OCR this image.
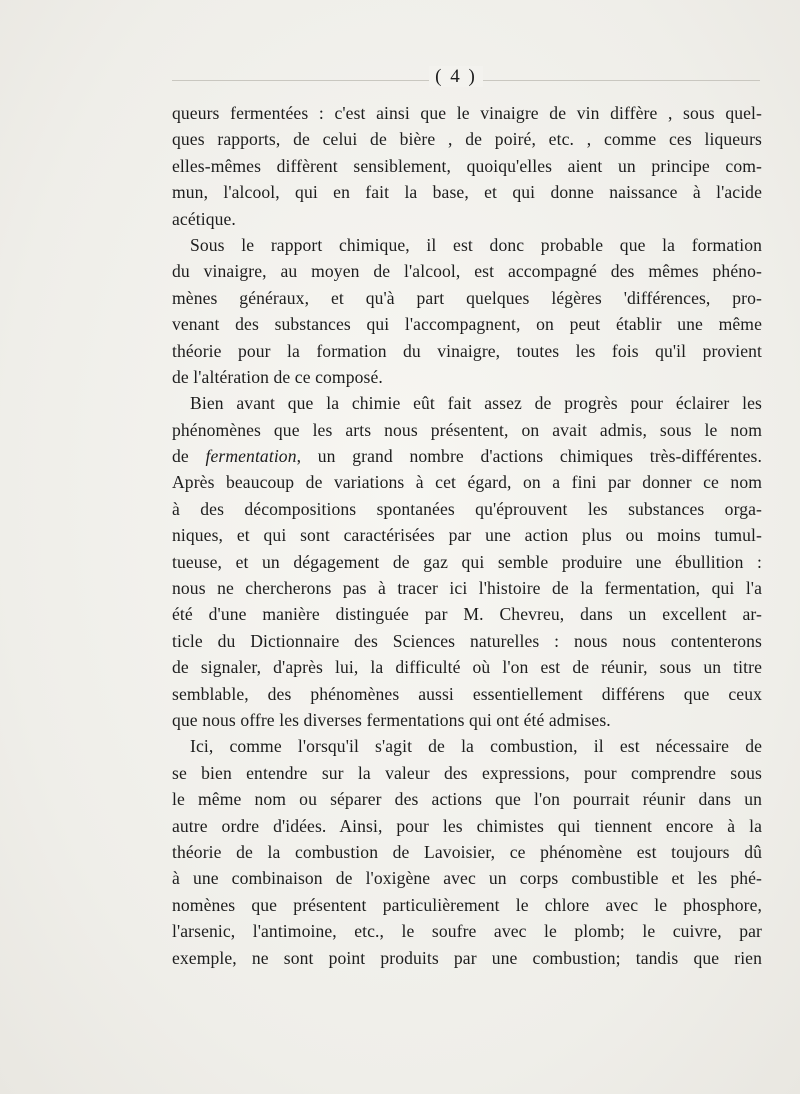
( 4 )
queurs fermentées : c'est ainsi que le vinaigre de vin diffère , sous quel-
ques rapports, de celui de bière , de poiré, etc. , comme ces liqueurs
elles-mêmes diffèrent sensiblement, quoiqu'elles aient un principe com-
mun, l'alcool, qui en fait la base, et qui donne naissance à l'acide
acétique.
Sous le rapport chimique, il est donc probable que la formation
du vinaigre, au moyen de l'alcool, est accompagné des mêmes phéno-
mènes généraux, et qu'à part quelques légères 'différences, pro-
venant des substances qui l'accompagnent, on peut établir une même
théorie pour la formation du vinaigre, toutes les fois qu'il provient
de l'altération de ce composé.
Bien avant que la chimie eût fait assez de progrès pour éclairer les
phénomènes que les arts nous présentent, on avait admis, sous le nom
de fermentation, un grand nombre d'actions chimiques très-différentes.
Après beaucoup de variations à cet égard, on a fini par donner ce nom
à des décompositions spontanées qu'éprouvent les substances orga-
niques, et qui sont caractérisées par une action plus ou moins tumul-
tueuse, et un dégagement de gaz qui semble produire une ébullition :
nous ne chercherons pas à tracer ici l'histoire de la fermentation, qui l'a
été d'une manière distinguée par M. Chevreu, dans un excellent ar-
ticle du Dictionnaire des Sciences naturelles : nous nous contenterons
de signaler, d'après lui, la difficulté où l'on est de réunir, sous un titre
semblable, des phénomènes aussi essentiellement différens que ceux
que nous offre les diverses fermentations qui ont été admises.
Ici, comme l'orsqu'il s'agit de la combustion, il est nécessaire de
se bien entendre sur la valeur des expressions, pour comprendre sous
le même nom ou séparer des actions que l'on pourrait réunir dans un
autre ordre d'idées. Ainsi, pour les chimistes qui tiennent encore à la
théorie de la combustion de Lavoisier, ce phénomène est toujours dû
à une combinaison de l'oxigène avec un corps combustible et les phé-
nomènes que présentent particulièrement le chlore avec le phosphore,
l'arsenic, l'antimoine, etc., le soufre avec le plomb; le cuivre, par
exemple, ne sont point produits par une combustion; tandis que rien
